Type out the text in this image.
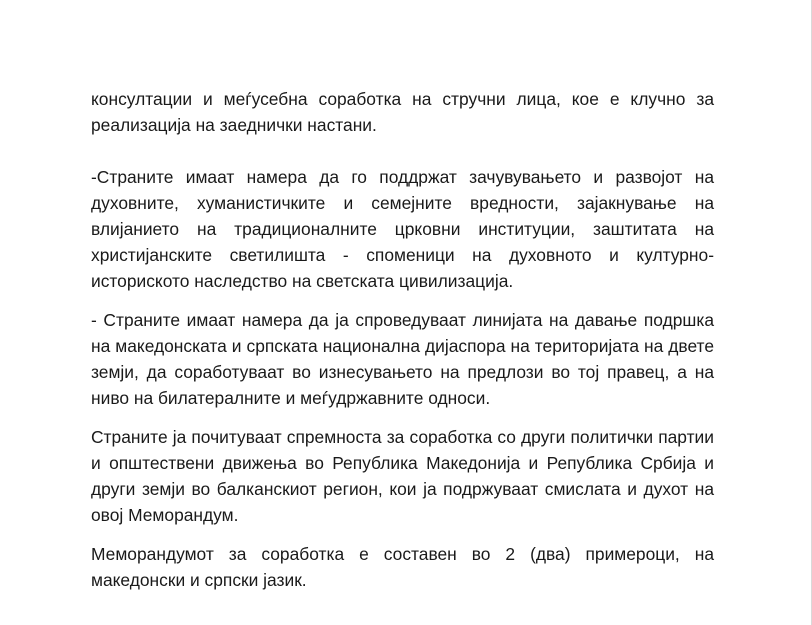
консултации и меѓусебна соработка на стручни лица, кое е клучно за реализација на заеднички настани.

-Страните имаат намера да го поддржат зачувувањето и развојот на духовните, хуманистичките и семејните вредности, зајакнување на влијанието на традиционалните црковни институции, заштитата на христијанските светилишта - споменици на духовното и културно-историското наследство на светската цивилизација.

- Страните имаат намера да ја спроведуваат линијата на давање подршка на македонската и српската национална дијаспора на територијата на двете земји, да соработуваат во изнесувањето на предлози во тој правец, а на ниво на билатералните и меѓудржавните односи.

Страните ја почитуваат спремноста за соработка со други политички партии и општествени движења во Република Македонија и Република Србија и други земји во балканскиот регион, кои ја подржуваат смислата и духот на овој Меморандум.

Меморандумот за соработка е составен во 2 (два) примероци, на македонски и српски јазик.
